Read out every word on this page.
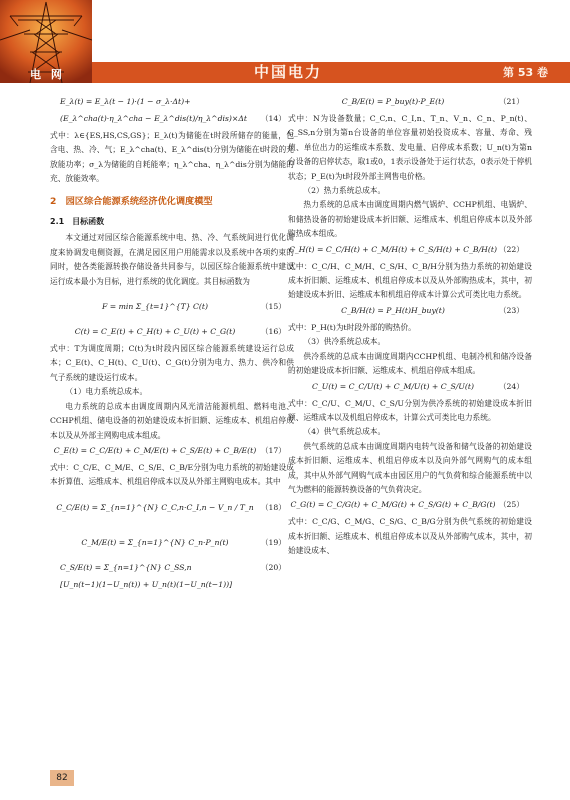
电 网	中国电力	第 53 卷
E_λ(t) = E_λ(t − 1)·(1 − σ_λ·Δt)+
(E_λ^cha(t)·η_λ^cha − E_λ^dis(t)/η_λ^dis)×Δt	（14）

式中：λ∈{ES,HS,CS,GS}；E_λ(t)为储能在t时段所储存的能量，包含电、热、冷、气；E_λ^cha(t)、E_λ^dis(t)分别为储能在t时段的充放能功率；σ_λ为储能的自耗能率；η_λ^cha、η_λ^dis分别为储能的充、放能效率。

2　园区综合能源系统经济优化调度模型
2.1　目标函数

本文通过对园区综合能源系统中电、热、冷、气系统间进行优化调度来协调发电侧资源，在满足园区用户用能需求以及系统中各项约束的同时，使各类能源转换存储设备共同参与，以园区综合能源系统中建设运行成本最小为目标，进行系统的优化调度。其目标函数为

F = min Σ_{t=1}^{T} C(t)	（15）
C(t) = C_E(t) + C_H(t) + C_U(t) + C_G(t)	（16）

式中：T为调度周期；C(t)为t时段内园区综合能源系统建设运行总成本；C_E(t)、C_H(t)、C_U(t)、C_G(t)分别为电力、热力、供冷和供气子系统的建设运行成本。

（1）电力系统总成本。

电力系统的总成本由调度周期内风光清洁能源机组、燃料电池、CCHP机组、储电设备的初始建设成本折旧额、运维成本、机组启停成本以及从外部主网购电成本组成。

C_E(t) = C_C/E(t) + C_M/E(t) + C_S/E(t) + C_B/E(t) （17）

式中：C_C/E、C_M/E、C_S/E、C_B/E分别为电力系统的初始建设成本折算值、运维成本、机组启停成本以及从外部主网购电成本。其中

C_C/E(t) = Σ_{n=1}^{N} C_C,n·C_I,n − V_n / T_n （18）
C_M/E(t) = Σ_{n=1}^{N} C_n·P_n(t)	（19）
C_S/E(t) = Σ_{n=1}^{N} C_SS,n	（20）
[U_n(t−1)(1−U_n(t)) + U_n(t)(1−U_n(t−1))]
C_B/E(t) = P_buy(t)·P_E(t)	（21）

式中：N为设备数量；C_C,n、C_I,n、T_n、V_n、C_n、P_n(t)、C_SS,n分别为第n台设备的单位容量初始投资成本、容量、寿命、残值、单位出力的运维成本系数、发电量、启停成本系数；U_n(t)为第n台设备的启停状态，取1或0，1表示设备处于运行状态，0表示处于停机状态；P_E(t)为t时段外部主网售电价格。

（2）热力系统总成本。

热力系统的总成本由调度周期内燃气锅炉、CCHP机组、电锅炉、和储热设备的初始建设成本折旧额、运维成本、机组启停成本以及外部购热成本组成。

C_H(t) = C_C/H(t) + C_M/H(t) + C_S/H(t) + C_B/H(t) （22）

式中：C_C/H、C_M/H、C_S/H、C_B/H分别为热力系统的初始建设成本折旧额、运维成本、机组启停成本以及从外部购热成本，其中，初始建设成本折旧、运维成本和机组启停成本计算公式可类比电力系统。

C_B/H(t) = P_H(t)H_buy(t)	（23）

式中：P_H(t)为t时段外部的购热价。

（3）供冷系统总成本。

供冷系统的总成本由调度周期内CCHP机组、电制冷机和储冷设备的初始建设成本折旧额、运维成本、机组启停成本组成。

C_U(t) = C_C/U(t) + C_M/U(t) + C_S/U(t)	（24）

式中：C_C/U、C_M/U、C_S/U分别为供冷系统的初始建设成本折旧额、运维成本以及机组启停成本，计算公式可类比电力系统。

（4）供气系统总成本。

供气系统的总成本由调度周期内电转气设备和储气设备的初始建设成本折旧额、运维成本、机组启停成本以及向外部气网购气的成本组成，其中从外部气网购气成本由园区用户的气负荷和综合能源系统中以气为燃料的能源转换设备的气负荷决定。

C_G(t) = C_C/G(t) + C_M/G(t) + C_S/G(t) + C_B/G(t) （25）

式中：C_C/G、C_M/G、C_S/G、C_B/G分别为供气系统的初始建设成本折旧额、运维成本、机组启停成本以及从外部购气成本，其中，初始建设成本、

82
